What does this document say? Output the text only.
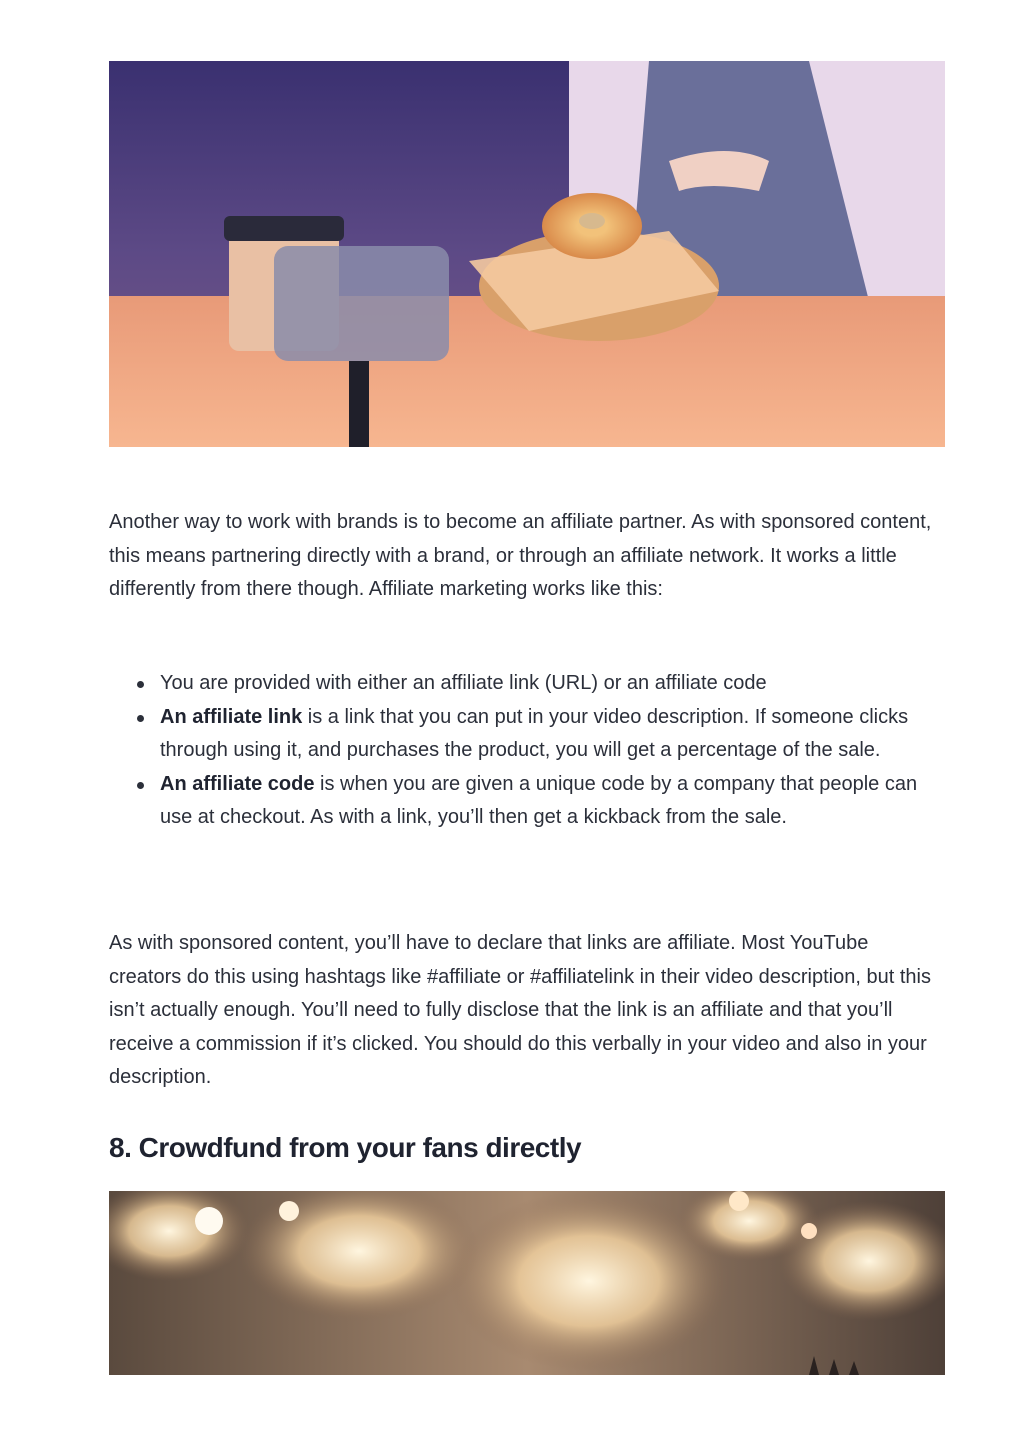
Another way to work with brands is to become an affiliate partner. As with sponsored content, this means partnering directly with a brand, or through an affiliate network. It works a little differently from there though. Affiliate marketing works like this:

You are provided with either an affiliate link (URL) or an affiliate code
An affiliate link is a link that you can put in your video description. If someone clicks through using it, and purchases the product, you will get a percentage of the sale.
An affiliate code is when you are given a unique code by a company that people can use at checkout. As with a link, you’ll then get a kickback from the sale.

As with sponsored content, you’ll have to declare that links are affiliate. Most YouTube creators do this using hashtags like #affiliate or #affiliatelink in their video description, but this isn’t actually enough. You’ll need to fully disclose that the link is an affiliate and that you’ll receive a commission if it’s clicked. You should do this verbally in your video and also in your description.

8. Crowdfund from your fans directly
